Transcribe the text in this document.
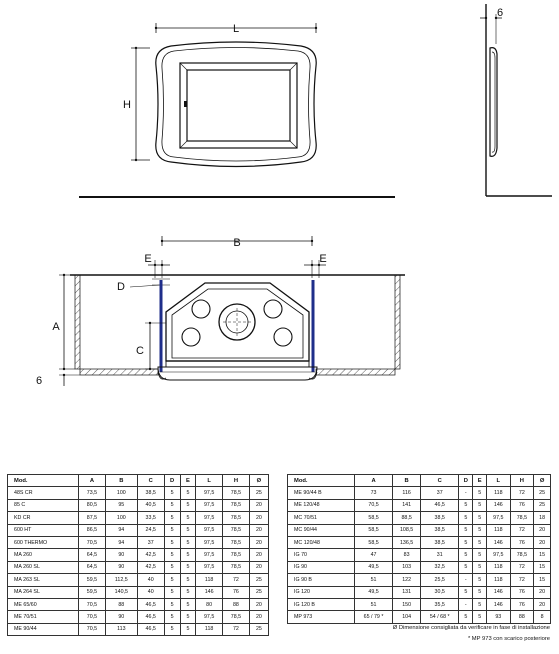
L
H
6
B
E	E
D
A
C
6
Mod.	A	B	C	D	E	L	H	Ø
48S CR	73,5	100	38,5	5	5	97,5	78,5	25
85 C	80,5	95	40,5	5	5	97,5	78,5	20
KD CR	87,5	100	33,5	5	5	97,5	78,5	20
600 HT	86,5	94	24,5	5	5	97,5	78,5	20
600 THERMO	70,5	94	37	5	5	97,5	78,5	20
MA 260	64,5	90	42,5	5	5	97,5	78,5	20
MA 260 SL	64,5	90	42,5	5	5	97,5	78,5	20
MA 263 SL	59,5	112,5	40	5	5	118	72	25
MA 264 SL	59,5	140,5	40	5	5	146	76	25
ME 65/60	70,5	88	46,5	5	5	80	88	20
ME 70/51	70,5	90	46,5	5	5	97,5	78,5	20
ME 90/44	70,5	113	46,5	5	5	118	72	25
Mod.	A	B	C	D	E	L	H	Ø
ME 90/44 B	73	116	37	-	5	118	72	25
ME 120/48	70,5	141	46,5	5	5	146	76	25
MC 70/51	58,5	88,5	38,5	5	5	97,5	78,5	18
MC 90/44	58,5	108,5	38,5	5	5	118	72	20
MC 120/48	58,5	136,5	38,5	5	5	146	76	20
IG 70	47	83	31	5	5	97,5	78,5	15
IG 90	49,5	103	32,5	5	5	118	72	15
IG 90 B	51	122	25,5	-	5	118	72	15
IG 120	49,5	131	30,5	5	5	146	76	20
IG 120 B	51	150	35,5	-	5	146	76	20
MP 973	65 / 79 *	104	54 / 68 *	5	5	93	88	8
Ø Dimensione consigliata da verificare in fase di installazione
* MP 973 con scarico posteriore
